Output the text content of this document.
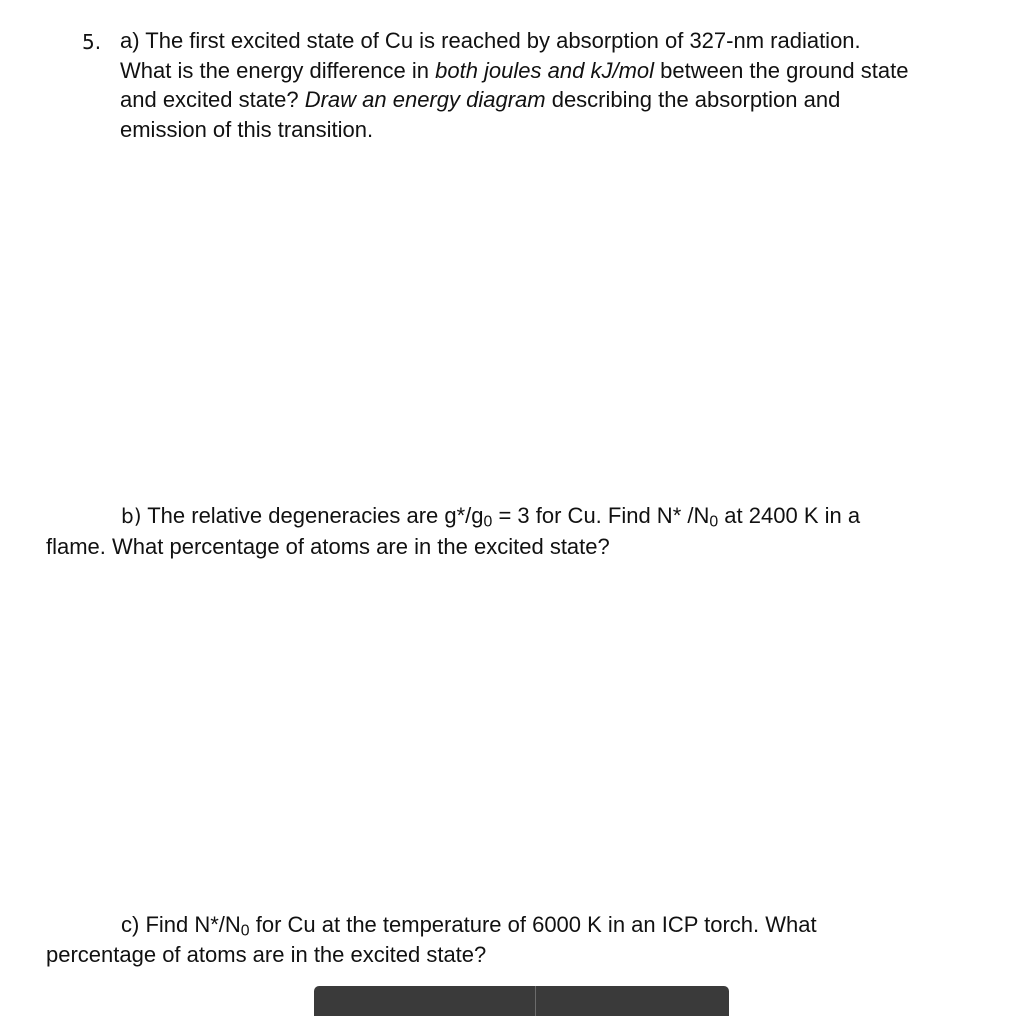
5. a) The first excited state of Cu is reached by absorption of 327-nm radiation.
What is the energy difference in both joules and kJ/mol between the ground state
and excited state? Draw an energy diagram describing the absorption and
emission of this transition.
b) The relative degeneracies are $g*/g_0 = 3$ for Cu. Find N* $/N_0$ at 2400 K in a
flame. What percentage of atoms are in the excited state?
c) Find $N*/N_0$ for Cu at the temperature of 6000 K in an ICP torch. What
percentage of atoms are in the excited state?
